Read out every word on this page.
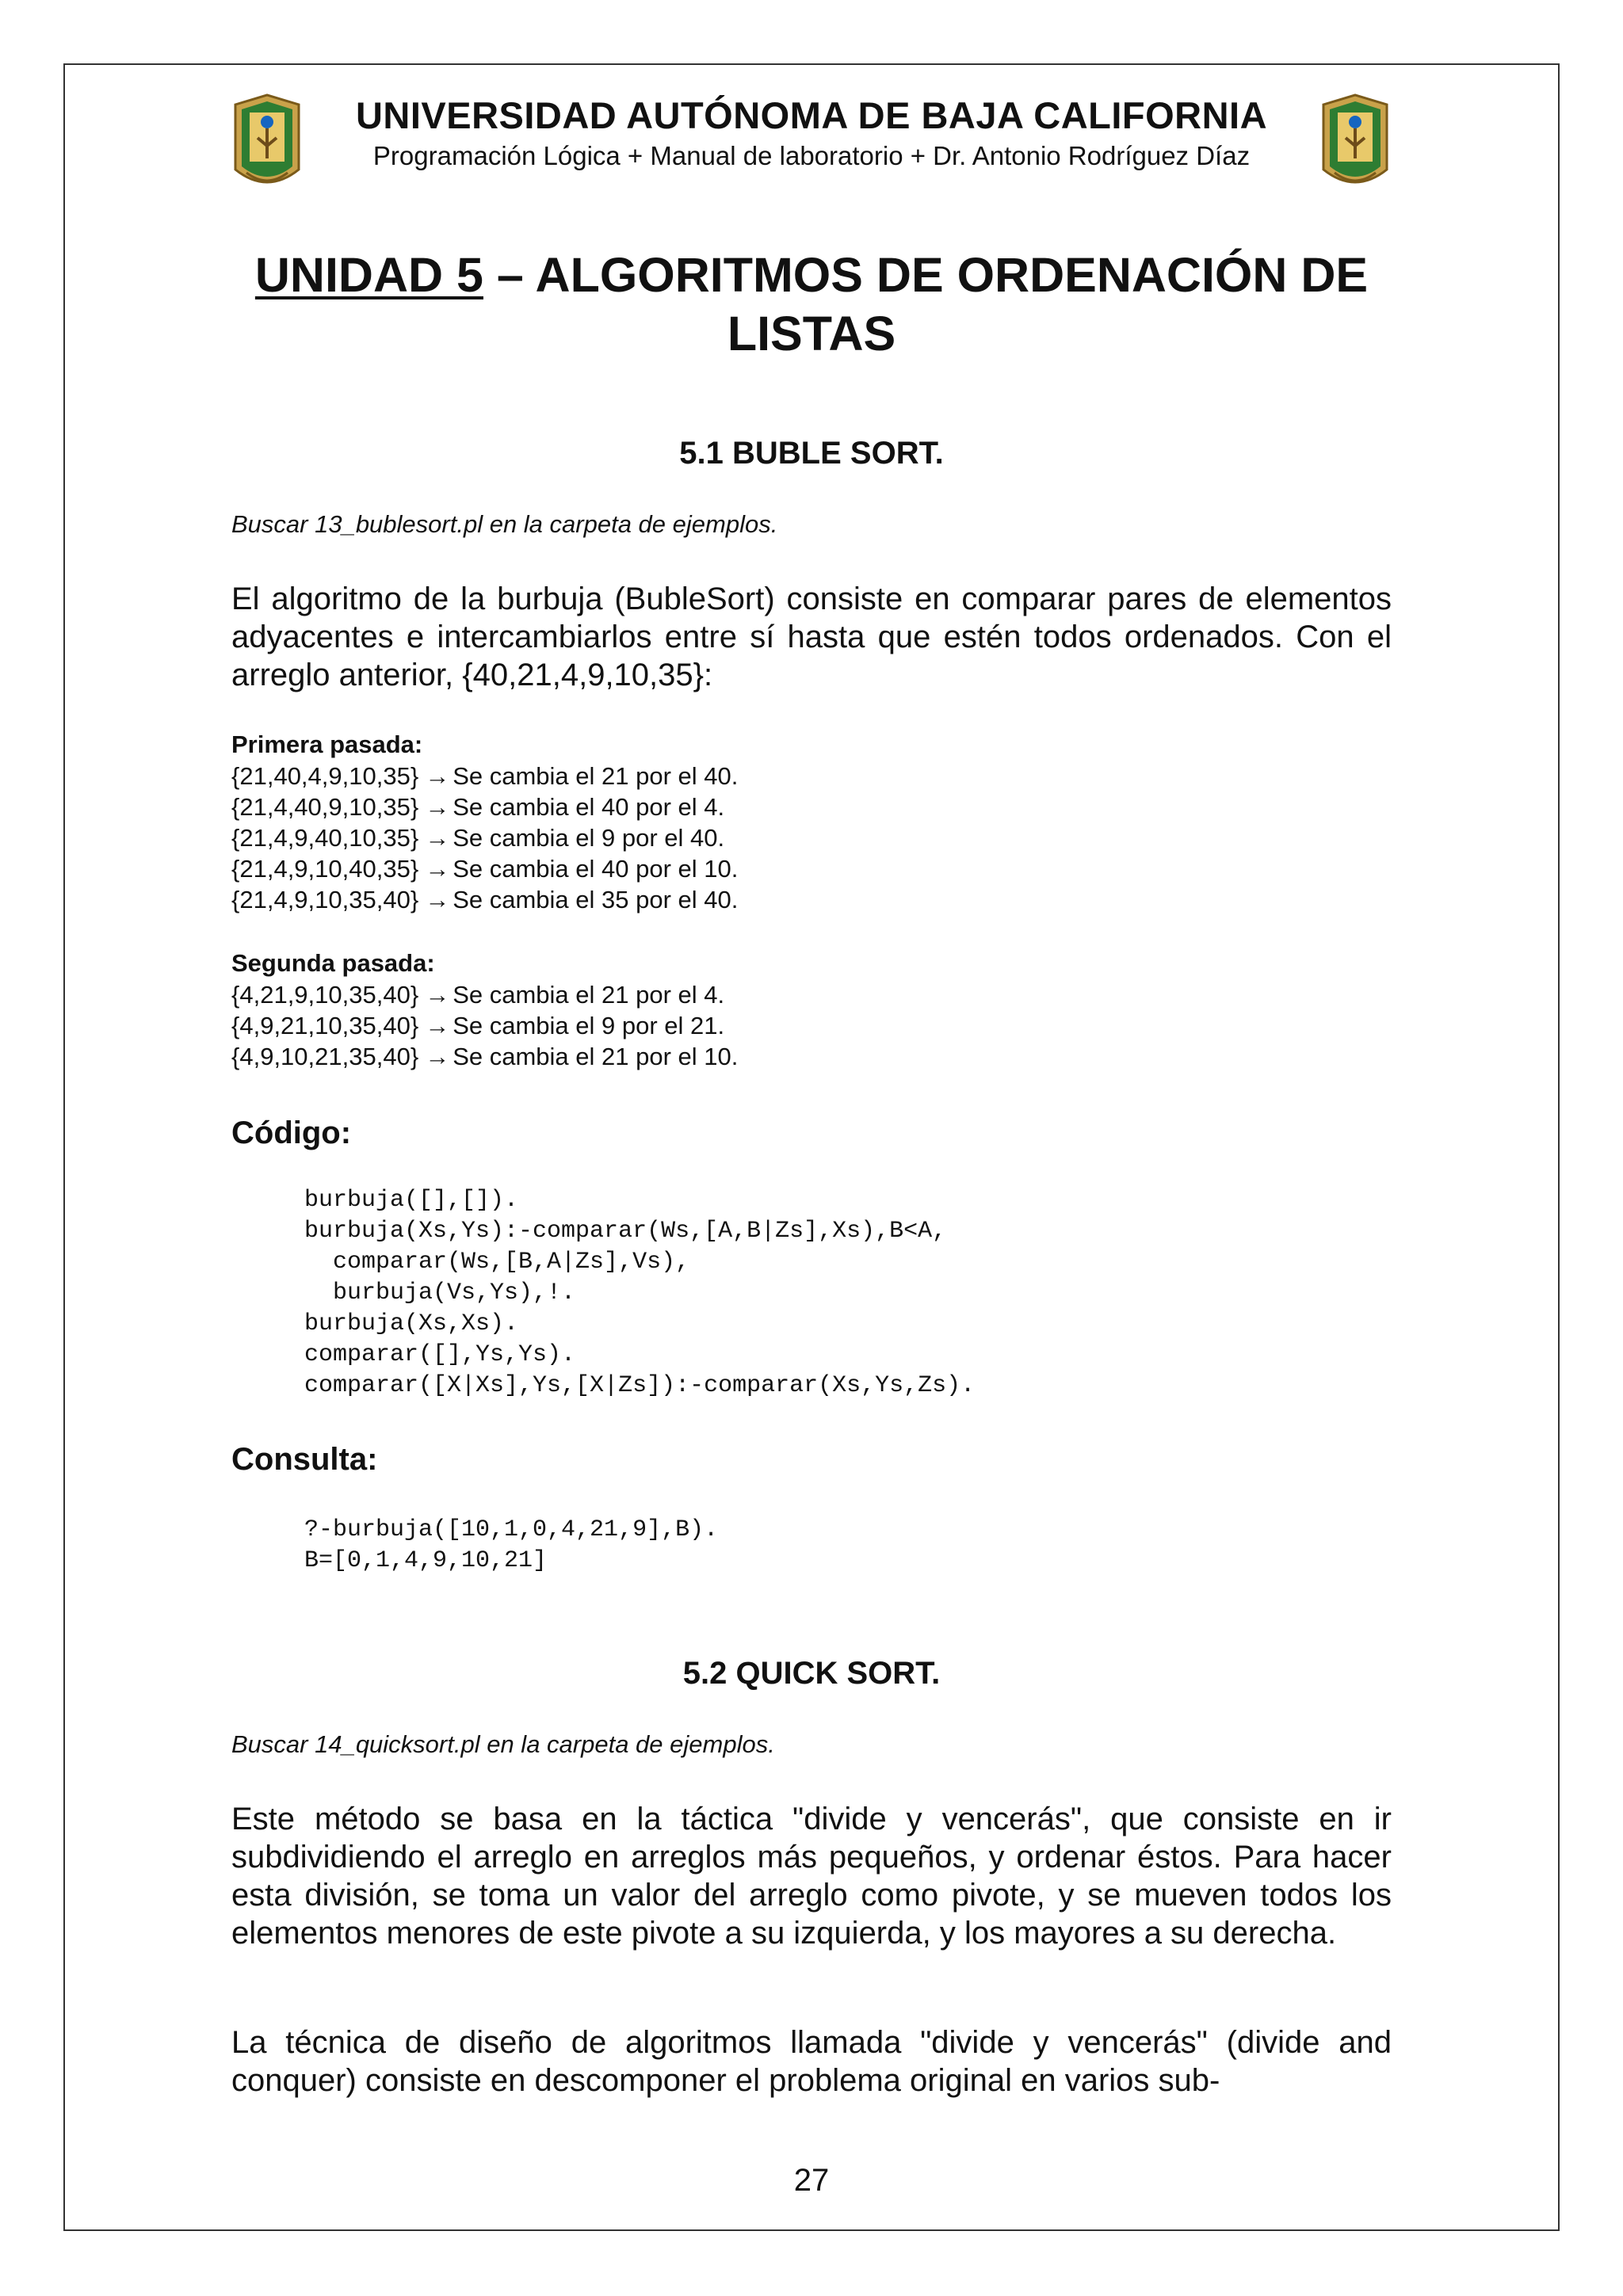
UNIVERSIDAD AUTÓNOMA DE BAJA CALIFORNIA
Programación Lógica + Manual de laboratorio + Dr. Antonio Rodríguez Díaz
UNIDAD 5 – ALGORITMOS DE ORDENACIÓN DE LISTAS
5.1 BUBLE SORT.
Buscar 13_bublesort.pl en la carpeta de ejemplos.
El algoritmo de la burbuja (BubleSort) consiste en comparar pares de elementos adyacentes e intercambiarlos entre sí hasta que estén todos ordenados. Con el arreglo anterior, {40,21,4,9,10,35}:
Primera pasada:
{21,40,4,9,10,35} → Se cambia el 21 por el 40.
{21,4,40,9,10,35} → Se cambia el 40 por el 4.
{21,4,9,40,10,35} → Se cambia el 9 por el 40.
{21,4,9,10,40,35} → Se cambia el 40 por el 10.
{21,4,9,10,35,40} → Se cambia el 35 por el 40.
Segunda pasada:
{4,21,9,10,35,40} → Se cambia el 21 por el 4.
{4,9,21,10,35,40} → Se cambia el 9 por el 21.
{4,9,10,21,35,40} → Se cambia el 21 por el 10.
Código:
burbuja([],[]).
burbuja(Xs,Ys):-comparar(Ws,[A,B|Zs],Xs),B<A,
comparar(Ws,[B,A|Zs],Vs),
burbuja(Vs,Ys),!.
burbuja(Xs,Xs).
comparar([],Ys,Ys).
comparar([X|Xs],Ys,[X|Zs]):-comparar(Xs,Ys,Zs).
Consulta:
?-burbuja([10,1,0,4,21,9],B).
B=[0,1,4,9,10,21]
5.2 QUICK SORT.
Buscar 14_quicksort.pl en la carpeta de ejemplos.
Este método se basa en la táctica "divide y vencerás", que consiste en ir subdividiendo el arreglo en arreglos más pequeños, y ordenar éstos. Para hacer esta división, se toma un valor del arreglo como pivote, y se mueven todos los elementos menores de este pivote a su izquierda, y los mayores a su derecha.
La técnica de diseño de algoritmos llamada "divide y vencerás" (divide and conquer) consiste en descomponer el problema original en varios sub-
27
